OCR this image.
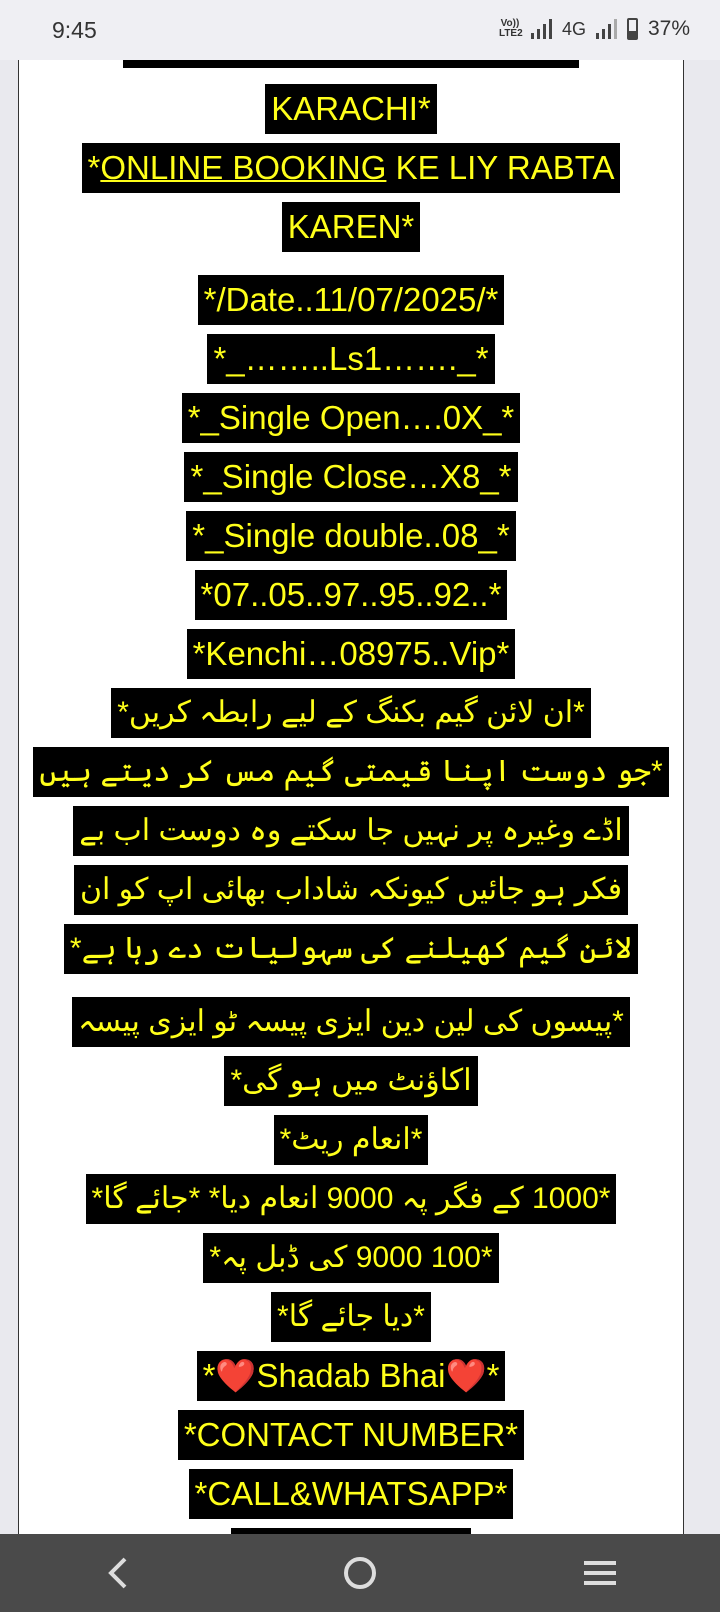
9:45	Vo)) LTE2 4G	37%
KARACHI*
*ONLINE BOOKING KE LIY RABTA
KAREN*
*/Date..11/07/2025/*
*_……..Ls1……._*
*_Single Open….0X_*
*_Single Close…X8_*
*_Single double..08_*
*07..05..97..95..92..*
*Kenchi…08975..Vip*
*ان لائن گیم بکنگ کے لیے رابطہ کریں*
*جو دوست اپنا قیمتی گیم مس کر دیتے ہیں
اڈے وغیرہ پر نہیں جا سکتے وہ دوست اب بے
فکر ہو جائیں کیونکہ شاداب بھائی اپ کو ان
لائن گیم کھیلنے کی سہولیات دے رہا ہے*
*پیسوں کی لین دین ایزی پیسہ ٹو ایزی پیسہ
اکاؤنٹ میں ہو گی*
*انعام ریٹ*
*1000 کے فگر پہ 9000 انعام دیا* *جائے گا*
*100 9000 کی ڈبل پہ*
*دیا جائے گا*
*❤️Shadab Bhai❤️*
*CONTACT NUMBER*
*CALL&WHATSAPP*
